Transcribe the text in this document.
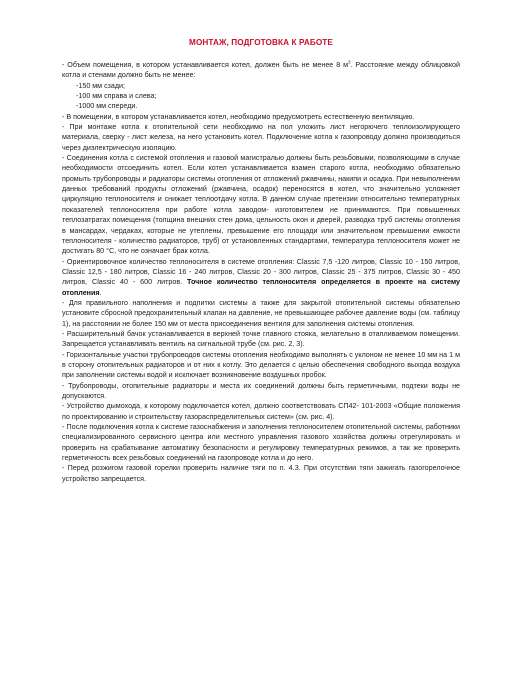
МОНТАЖ, ПОДГОТОВКА К РАБОТЕ

- Объем помещения, в котором устанавливается котел, должен быть не менее 8 $м^3$. Расстояние между облицовкой котла и стенами должно быть не менее:

-150 мм сзади;

-100 мм справа и слева;

-1000 мм спереди.

- В помещении, в котором устанавливается котел, необходимо предусмотреть естественную вентиляцию.

- При монтаже котла к отопительной сети необходимо на пол уложить лист негорючего теплоизолирующего материала, сверху - лист железа, на него установить котел. Подключение котла к газопроводу должно производиться через диэлектрическую изоляцию.

- Соединения котла с системой отопления и газовой магистралью должны быть резьбовыми, позволяющими в случае необходимости отсоединить котел. Если котел устанавливается взамен старого котла, необходимо обязательно промыть трубопроводы и радиаторы системы отопления от отложений ржавчины, накипи и осадка. При невыполнении данных требований продукты отложений (ржавчина, осадок) переносятся в котел, что значительно усложняет циркуляцию теплоносителя и снижает теплоотдачу котла. В данном случае претензии относительно температурных показателей теплоносителя при работе котла заводом- изготовителем не принимаются. При повышенных теплозатратах помещения (толщина внешних стен дома, цельность окон и дверей, разводка труб системы отопления в мансардах, чердаках, которые не утеплены, превышение его площади или значительном превышении емкости теплоносителя - количество радиаторов, труб) от установленных стандартами, температура теплоносителя может не достигать 80 °С, что не означает брак котла.

- Ориентировочное количество теплоносителя в системе отопления: Classic 7,5 -120 литров, Classic 10 - 150 литров, Classic 12,5 - 180 литров, Classic 16 - 240 литров, Classic 20 - 300 литров, Classic 25 - 375 литров, Classic 30 - 450 литров, Classic 40 - 600 литров. Точное количество теплоносителя определяется в проекте на систему отопления.

- Для правильного наполнения и подпитки системы а также для закрытой отопительной системы обязательно установите сбросной предохранительный клапан на давление, не превышающее рабочее давление воды (см. таблицу 1), на расстоянии не более 150 мм от места присоединения вентиля для заполнения системы отопления.

- Расширительный бачок устанавливается в верхней точке главного стояка, желательно в отапливаемом помещении. Запрещается устанавливать вентиль на сигнальной трубе (см. рис. 2, 3).

- Горизонтальные участки трубопроводов системы отопления необходимо выполнять с уклоном не менее 10 мм на 1 м в сторону отопительных радиаторов и от них к котлу. Это делается с целью обеспечения свободного выхода воздуха при заполнении системы водой и исключает возникновение воздушных пробок.

- Трубопроводы, отопительные радиаторы и места их соединений должны быть герметичными, подтеки воды не допускаются.

- Устройство дымохода, к которому подключается котел, должно соответствовать СП42- 101-2003 «Общие положения по проектированию и строительству газораспределительных систем» (см. рис. 4).

- После подключения котла к системе газоснабжения и заполнения теплоносителем отопительной системы, работники специализированного сервисного центра или местного управления газового хозяйства должны отрегулировать и проверить на срабатывание автоматику безопасности и регулировку температурных режимов, а так же проверить герметичность всех резьбовых соединений на газопроводе котла и до него.

- Перед розжигом газовой горелки проверить наличие тяги по п. 4.3. При отсутствии тяги зажигать газогорелочное устройство запрещается.
